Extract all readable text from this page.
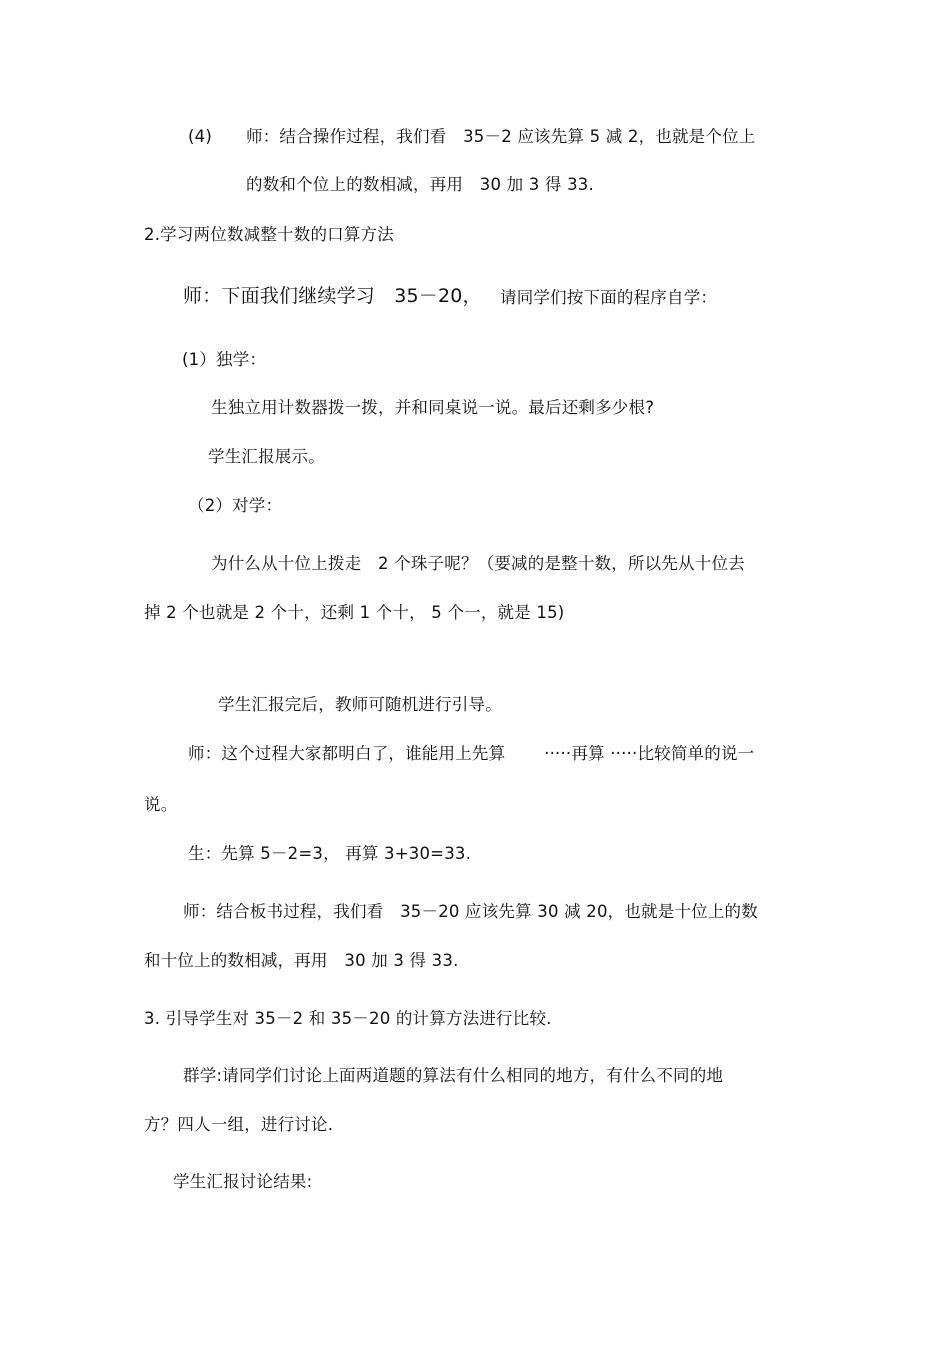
(4) 师：结合操作过程，我们看　35－2 应该先算 5 减 2，也就是个位上
的数和个位上的数相减，再用　30 加 3 得 33.
2.学习两位数减整十数的口算方法
师：下面我们继续学习　35－20， 请同学们按下面的程序自学：
(1）独学：
生独立用计数器拨一拨，并和同桌说一说。最后还剩多少根?
学生汇报展示。
（2）对学：
为什么从十位上拨走　2 个珠子呢？（要减的是整十数，所以先从十位去
掉 2 个也就是 2 个十，还剩 1 个十， 5 个一，就是 15)
学生汇报完后，教师可随机进行引导。
师：这个过程大家都明白了，谁能用上先算　　 ·····再算 ·····比较简单的说一
说。
生：先算 5－2=3， 再算 3+30=33.
师：结合板书过程，我们看　35－20 应该先算 30 减 20，也就是十位上的数
和十位上的数相减，再用　30 加 3 得 33.
3. 引导学生对 35－2 和 35－20 的计算方法进行比较.
群学:请同学们讨论上面两道题的算法有什么相同的地方，有什么不同的地
方？四人一组，进行讨论.
学生汇报讨论结果:
